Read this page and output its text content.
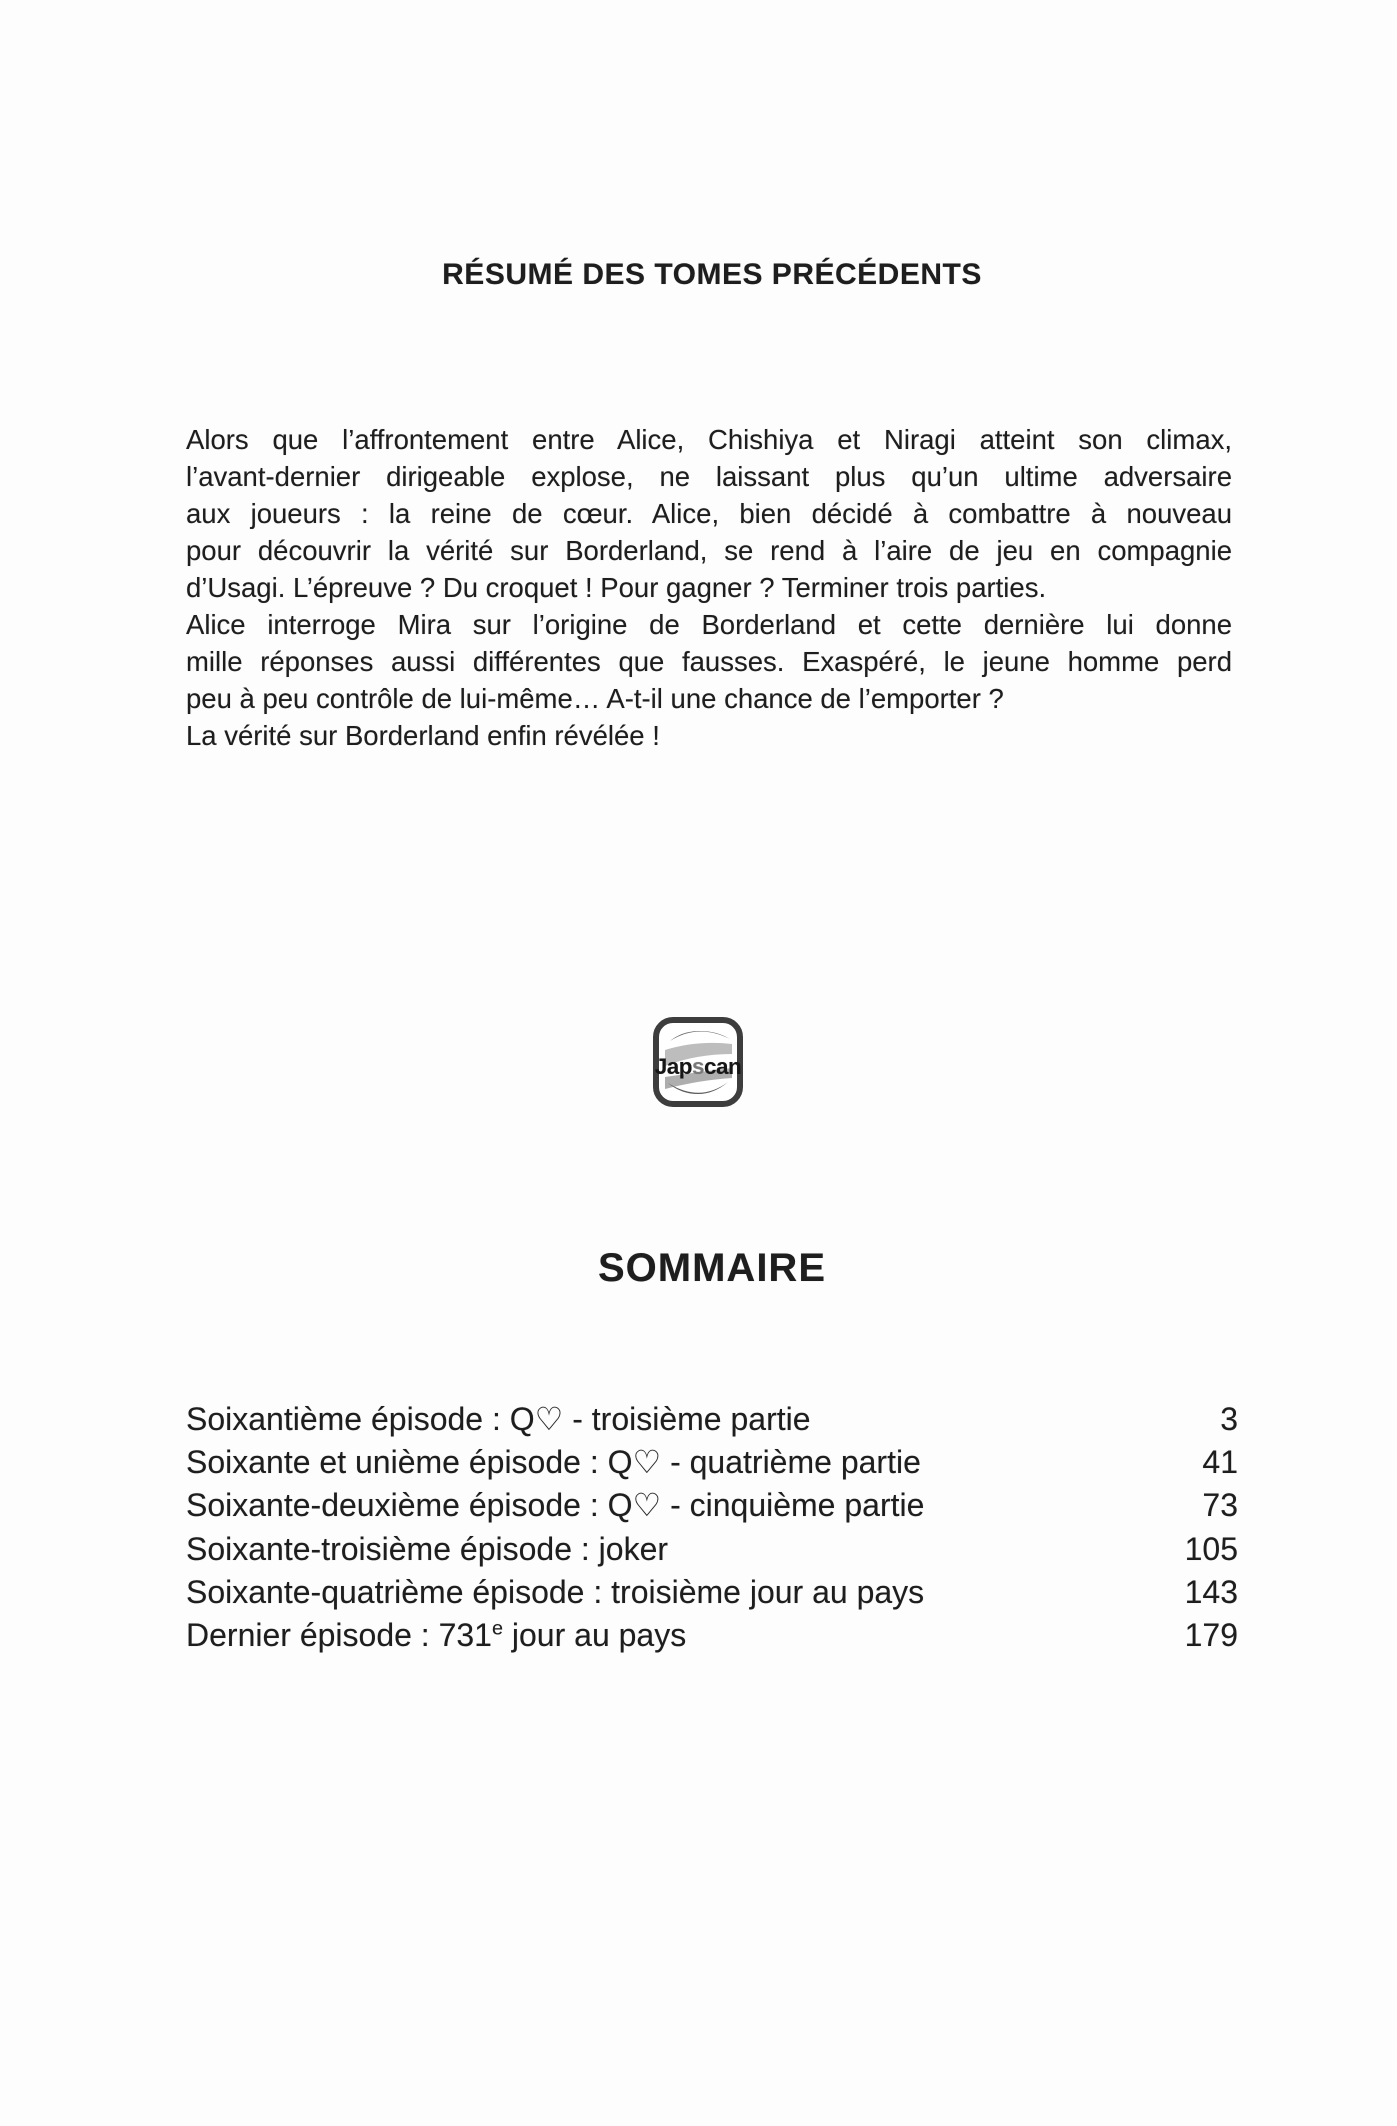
RÉSUMÉ DES TOMES PRÉCÉDENTS
Alors que l’affrontement entre Alice, Chishiya et Niragi atteint son climax,
l’avant-dernier dirigeable explose, ne laissant plus qu’un ultime adversaire
aux joueurs : la reine de cœur. Alice, bien décidé à combattre à nouveau
pour découvrir la vérité sur Borderland, se rend à l’aire de jeu en compagnie
d’Usagi. L’épreuve ? Du croquet ! Pour gagner ? Terminer trois parties.
Alice interroge Mira sur l’origine de Borderland et cette dernière lui donne
mille réponses aussi différentes que fausses. Exaspéré, le jeune homme perd
peu à peu contrôle de lui-même… A-t-il une chance de l’emporter ?
La vérité sur Borderland enfin révélée !
Japscan
SOMMAIRE
Soixantième épisode : Q♡ - troisième partie	3
Soixante et unième épisode : Q♡ - quatrième partie	41
Soixante-deuxième épisode : Q♡ - cinquième partie	73
Soixante-troisième épisode : joker	105
Soixante-quatrième épisode : troisième jour au pays	143
Dernier épisode : 731e jour au pays	179
